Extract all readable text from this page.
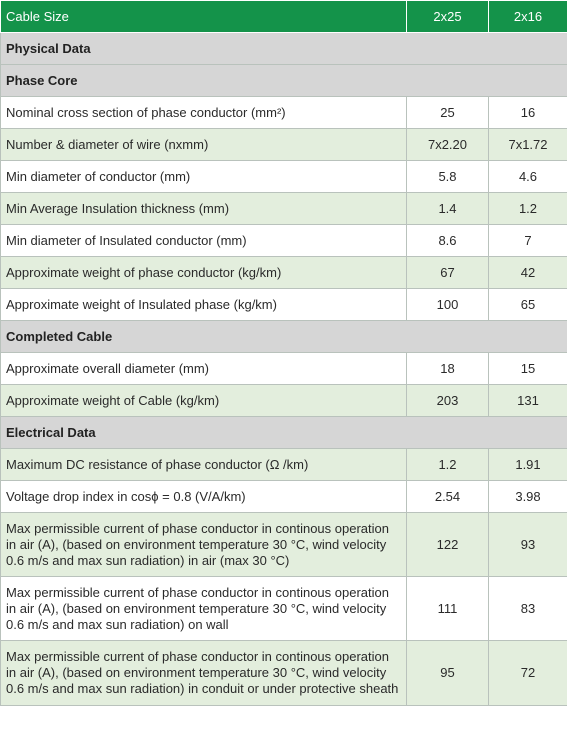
Cable Size	2x25	2x16
Physical Data		
Phase Core		
Nominal cross section of phase conductor (mm²)	25	16
Number & diameter of wire (nxmm)	7x2.20	7x1.72
Min diameter of conductor (mm)	5.8	4.6
Min Average Insulation thickness (mm)	1.4	1.2
Min diameter of Insulated conductor (mm)	8.6	7
Approximate weight of phase conductor (kg/km)	67	42
Approximate weight of Insulated phase (kg/km)	100	65
Completed Cable		
Approximate overall diameter (mm)	18	15
Approximate weight of Cable (kg/km)	203	131
Electrical Data		
Maximum DC resistance of phase conductor (Ω /km)	1.2	1.91
Voltage drop index in cosϕ = 0.8 (V/A/km)	2.54	3.98
Max permissible current of phase conductor in continous operation in air (A), (based on environment temperature 30 °C, wind velocity 0.6 m/s and max sun radiation) in air (max 30 °C)	122	93
Max permissible current of phase conductor in continous operation in air (A), (based on environment temperature 30 °C, wind velocity 0.6 m/s and max sun radiation) on wall	111	83
Max permissible current of phase conductor in continous operation in air (A), (based on environment temperature 30 °C, wind velocity 0.6 m/s and max sun radiation) in conduit or under protective sheath	95	72
